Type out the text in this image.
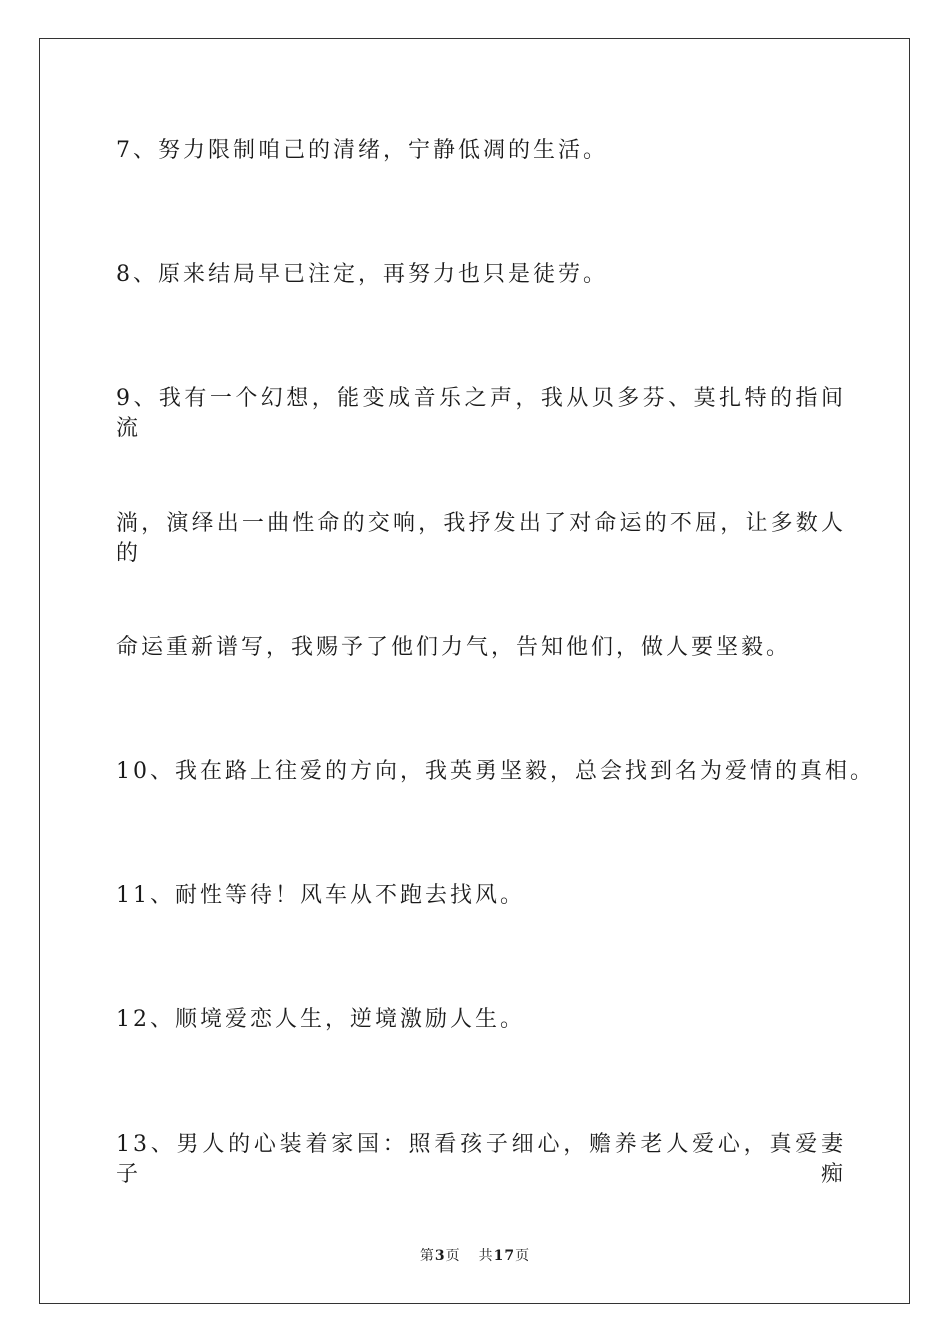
7、努力限制咱己的清绪，宁静低凋的生活。
8、原来结局早已注定，再努力也只是徒劳。
9、我有一个幻想，能变成音乐之声，我从贝多芬、莫扎特的指间流
淌，演绎出一曲性命的交响，我抒发出了对命运的不屈，让多数人的
命运重新谱写，我赐予了他们力气，告知他们，做人要坚毅。
10、我在路上往爱的方向，我英勇坚毅，总会找到名为爱情的真相。
11、耐性等待！风车从不跑去找风。
12、顺境爱恋人生，逆境激励人生。
13、男人的心装着家国：照看孩子细心，赡养老人爱心，真爱妻子痴
第3页 共17页
